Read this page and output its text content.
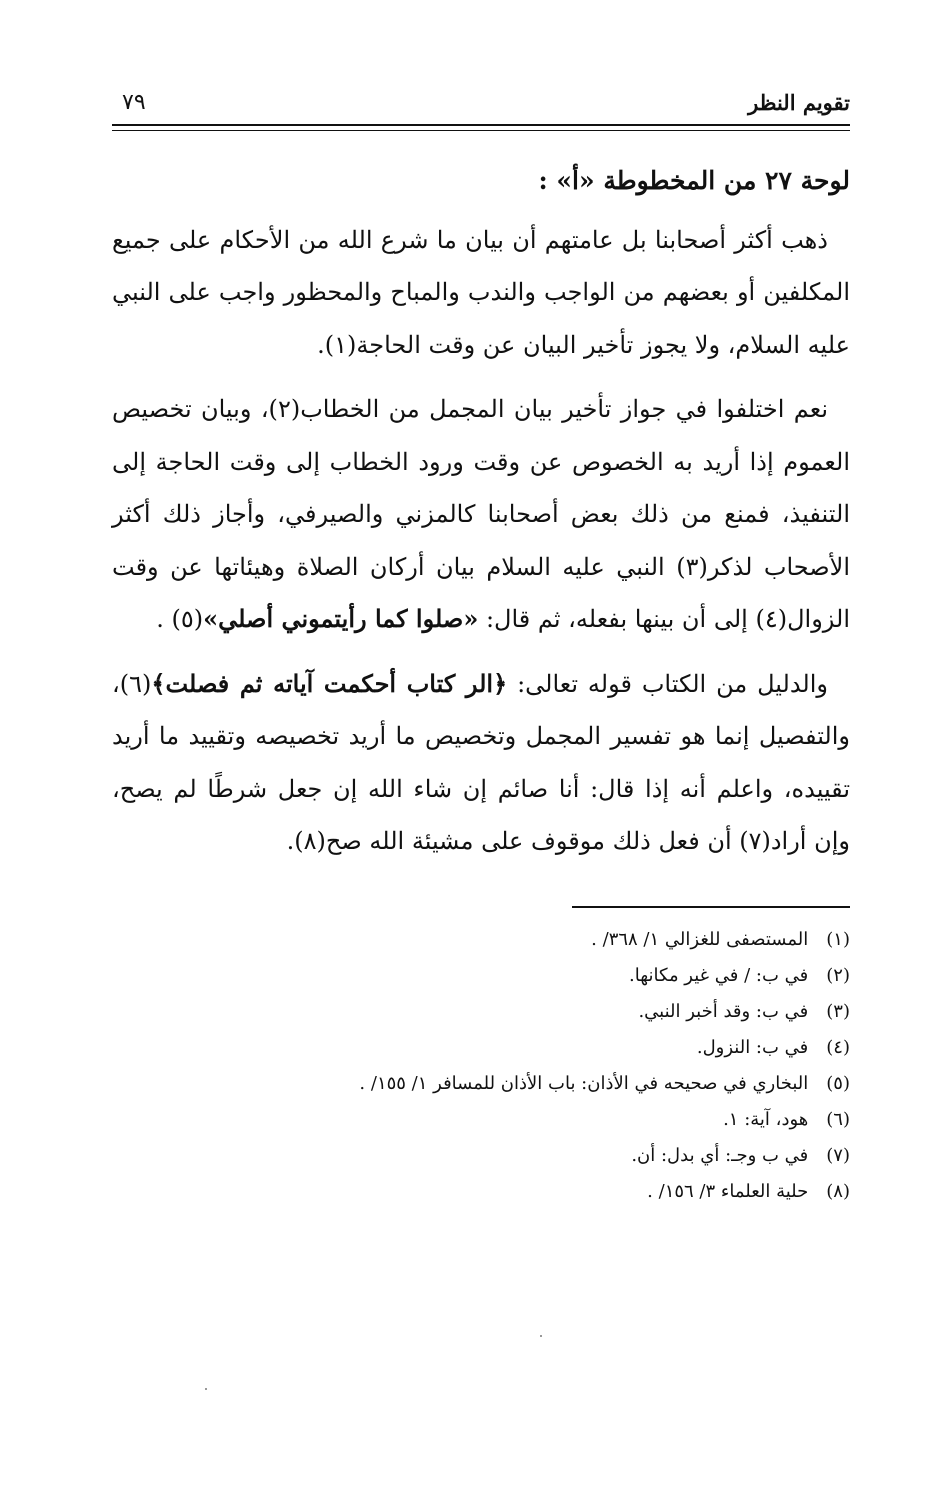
تقويم النظر
٧٩
لوحة ٢٧ من المخطوطة «أ» :

ذهب أكثر أصحابنا بل عامتهم أن بيان ما شرع الله من الأحكام على جميع المكلفين أو بعضهم من الواجب والندب والمباح والمحظور واجب على النبي عليه السلام، ولا يجوز تأخير البيان عن وقت الحاجة(١).

نعم اختلفوا في جواز تأخير بيان المجمل من الخطاب(٢)، وبيان تخصيص العموم إذا أريد به الخصوص عن وقت ورود الخطاب إلى وقت الحاجة إلى التنفيذ، فمنع من ذلك بعض أصحابنا كالمزني والصيرفي، وأجاز ذلك أكثر الأصحاب لذكر(٣) النبي عليه السلام بيان أركان الصلاة وهيئاتها عن وقت الزوال(٤) إلى أن بينها بفعله، ثم قال: «صلوا كما رأيتموني أصلي»(٥) .

والدليل من الكتاب قوله تعالى: ﴿الر كتاب أحكمت آياته ثم فصلت﴾(٦)، والتفصيل إنما هو تفسير المجمل وتخصيص ما أريد تخصيصه وتقييد ما أريد تقييده، واعلم أنه إذا قال: أنا صائم إن شاء الله إن جعل شرطًا لم يصح، وإن أراد(٧) أن فعل ذلك موقوف على مشيئة الله صح(٨).

(١) المستصفى للغزالي ١/ ٣٦٨/ .
(٢) في ب: / في غير مكانها.
(٣) في ب: وقد أخبر النبي.
(٤) في ب: النزول.
(٥) البخاري في صحيحه في الأذان: باب الأذان للمسافر ١/ ١٥٥/ .
(٦) هود، آية: ١.
(٧) في ب وجـ: أي بدل: أن.
(٨) حلية العلماء ٣/ ١٥٦/ .
